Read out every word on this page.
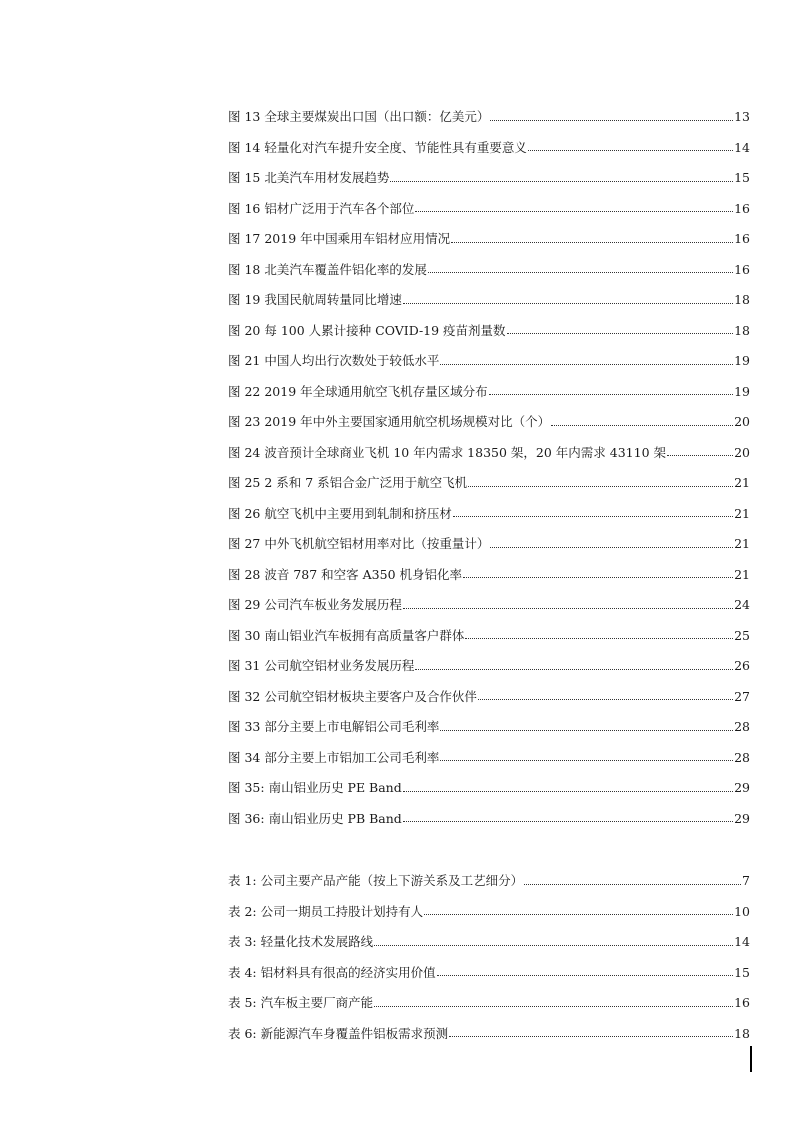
图 13 全球主要煤炭出口国（出口额：亿美元）	13
图 14 轻量化对汽车提升安全度、节能性具有重要意义	14
图 15 北美汽车用材发展趋势	15
图 16 铝材广泛用于汽车各个部位	16
图 17 2019 年中国乘用车铝材应用情况	16
图 18 北美汽车覆盖件铝化率的发展	16
图 19 我国民航周转量同比增速	18
图 20 每 100 人累计接种 COVID-19 疫苗剂量数	18
图 21 中国人均出行次数处于较低水平	19
图 22 2019 年全球通用航空飞机存量区域分布	19
图 23 2019 年中外主要国家通用航空机场规模对比（个）	20
图 24 波音预计全球商业飞机 10 年内需求 18350 架，20 年内需求 43110 架	20
图 25 2 系和 7 系铝合金广泛用于航空飞机	21
图 26 航空飞机中主要用到轧制和挤压材	21
图 27 中外飞机航空铝材用率对比（按重量计）	21
图 28 波音 787 和空客 A350 机身铝化率	21
图 29 公司汽车板业务发展历程	24
图 30 南山铝业汽车板拥有高质量客户群体	25
图 31 公司航空铝材业务发展历程	26
图 32 公司航空铝材板块主要客户及合作伙伴	27
图 33 部分主要上市电解铝公司毛利率	28
图 34 部分主要上市铝加工公司毛利率	28
图 35: 南山铝业历史 PE Band	29
图 36: 南山铝业历史 PB Band	29
表 1: 公司主要产品产能（按上下游关系及工艺细分）	7
表 2: 公司一期员工持股计划持有人	10
表 3: 轻量化技术发展路线	14
表 4: 铝材料具有很高的经济实用价值	15
表 5: 汽车板主要厂商产能	16
表 6: 新能源汽车身覆盖件铝板需求预测	18
